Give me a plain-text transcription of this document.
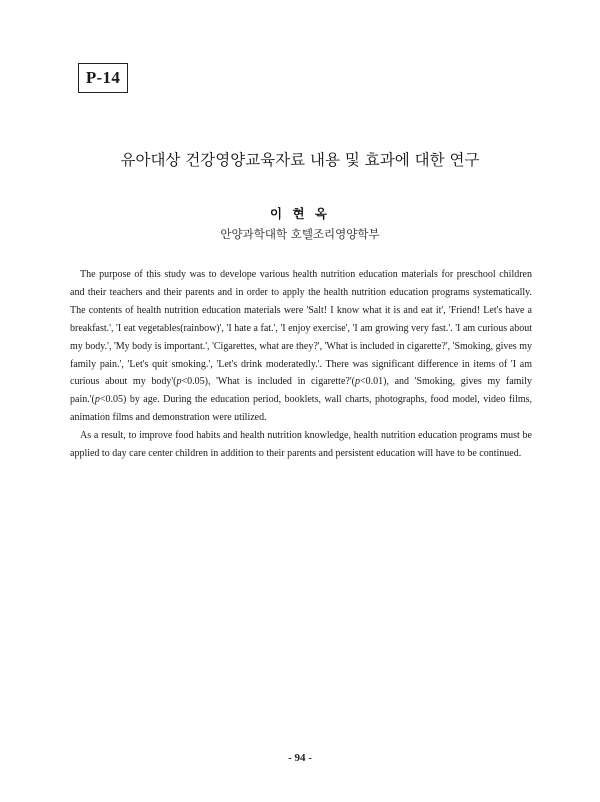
P-14
유아대상 건강영양교육자료 내용 및 효과에 대한 연구
이 현 옥
안양과학대학 호텔조리영양학부

The purpose of this study was to develope various health nutrition education materials for preschool children and their teachers and their parents and in order to apply the health nutrition education programs systematically. The contents of health nutrition education materials were 'Salt! I know what it is and eat it', 'Friend! Let's have a breakfast.', 'I eat vegetables(rainbow)', 'I hate a fat.', 'I enjoy exercise', 'I am growing very fast.'. 'I am curious about my body.', 'My body is important.', 'Cigarettes, what are they?', 'What is included in cigarette?', 'Smoking, gives my family pain.', 'Let's quit smoking.', 'Let's drink moderatedly.'. There was significant difference in items of 'I am curious about my body'(p<0.05), 'What is included in cigarette?'(p<0.01), and 'Smoking, gives my family pain.'(p<0.05) by age. During the education period, booklets, wall charts, photographs, food model, video films, animation films and demonstration were utilized.

As a result, to improve food habits and health nutrition knowledge, health nutrition education programs must be applied to day care center children in addition to their parents and persistent education will have to be continued.

- 94 -
